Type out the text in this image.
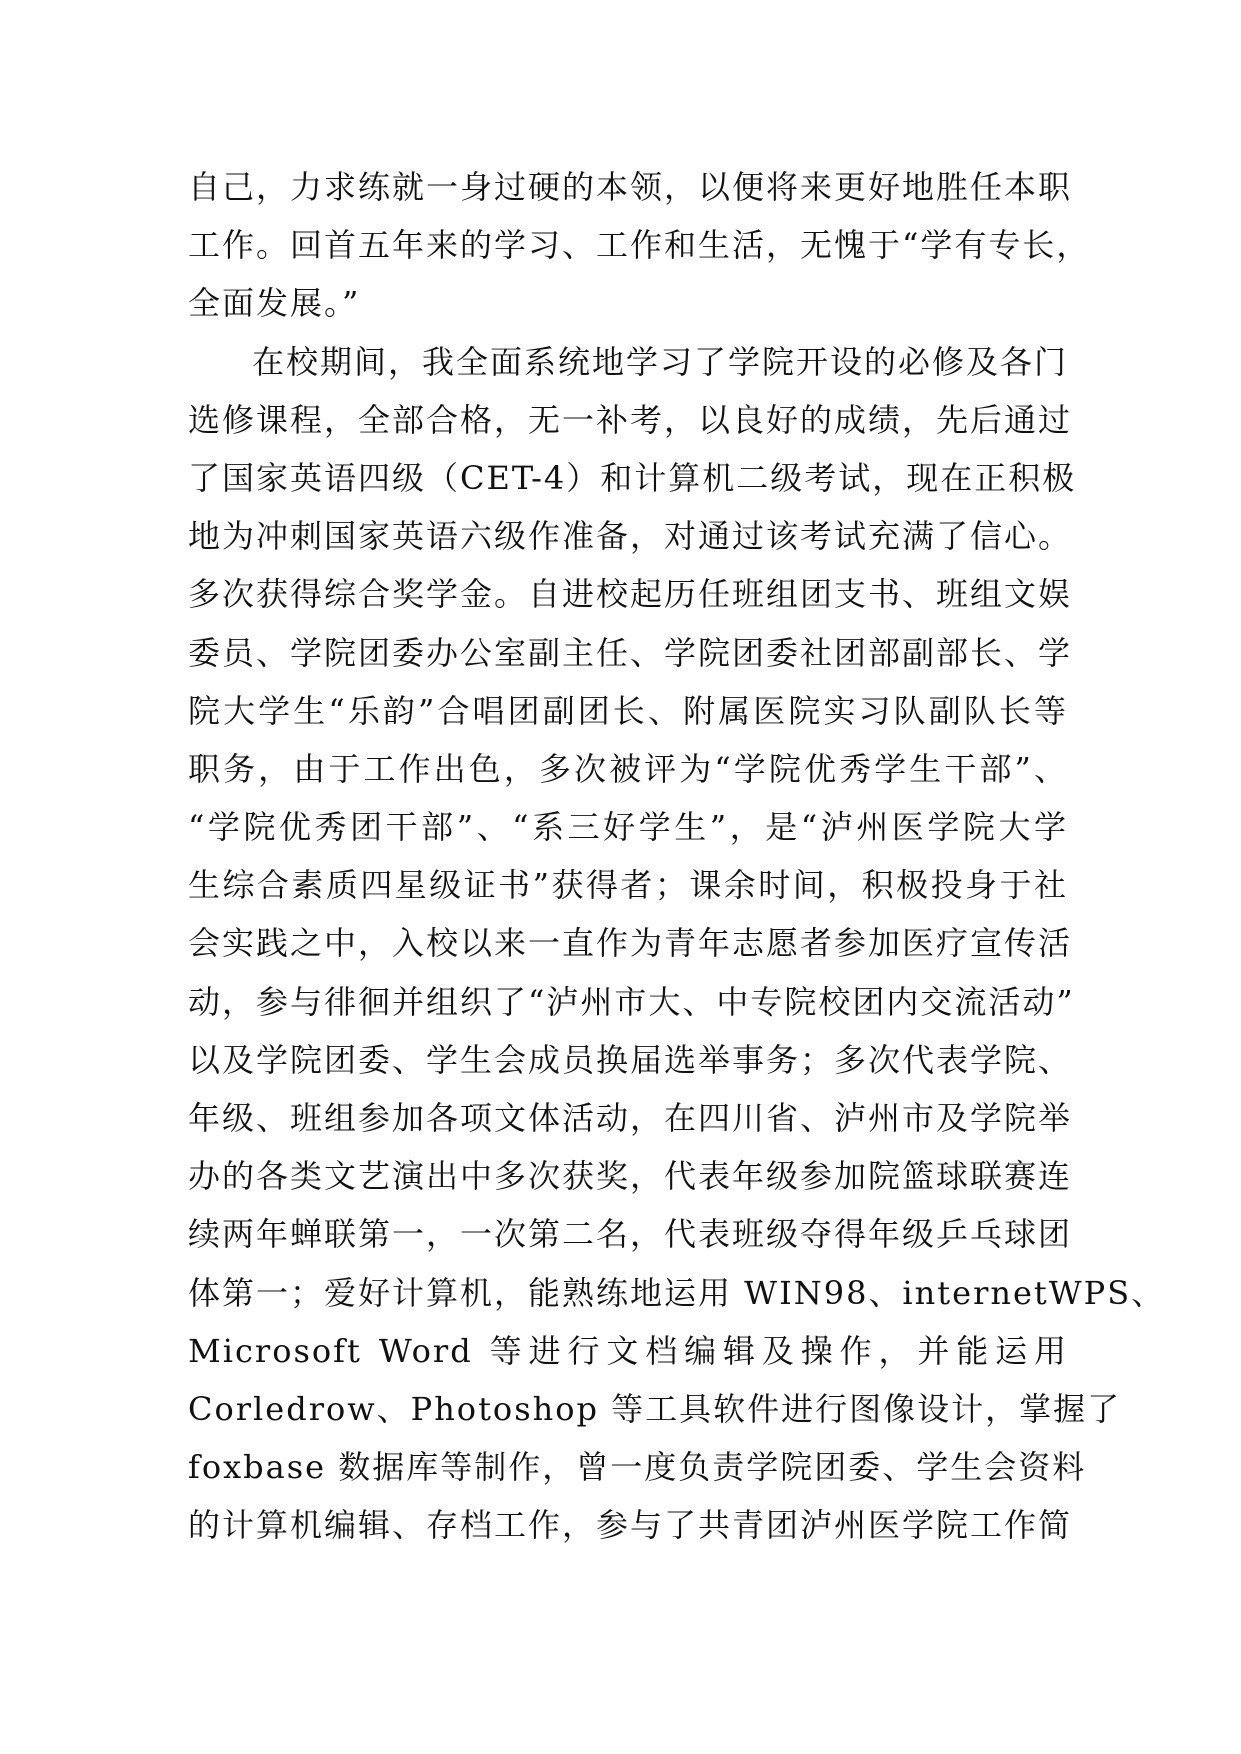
自己，力求练就一身过硬的本领，以便将来更好地胜任本职
工作。回首五年来的学习、工作和生活，无愧于“学有专长，
全面发展。”
在校期间，我全面系统地学习了学院开设的必修及各门
选修课程，全部合格，无一补考，以良好的成绩，先后通过
了国家英语四级（CET-4）和计算机二级考试，现在正积极
地为冲刺国家英语六级作准备，对通过该考试充满了信心。
多次获得综合奖学金。自进校起历任班组团支书、班组文娱
委员、学院团委办公室副主任、学院团委社团部副部长、学
院大学生“乐韵”合唱团副团长、附属医院实习队副队长等
职务，由于工作出色，多次被评为“学院优秀学生干部”、
“学院优秀团干部”、“系三好学生”，是“泸州医学院大学
生综合素质四星级证书”获得者；课余时间，积极投身于社
会实践之中，入校以来一直作为青年志愿者参加医疗宣传活
动，参与徘徊并组织了“泸州市大、中专院校团内交流活动”
以及学院团委、学生会成员换届选举事务；多次代表学院、
年级、班组参加各项文体活动，在四川省、泸州市及学院举
办的各类文艺演出中多次获奖，代表年级参加院篮球联赛连
续两年蝉联第一，一次第二名，代表班级夺得年级乒乓球团
体第一；爱好计算机，能熟练地运用 WIN98、internetWPS、
Microsoft Word 等进行文档编辑及操作，并能运用
Corledrow、Photoshop 等工具软件进行图像设计，掌握了
foxbase 数据库等制作，曾一度负责学院团委、学生会资料
的计算机编辑、存档工作，参与了共青团泸州医学院工作简
